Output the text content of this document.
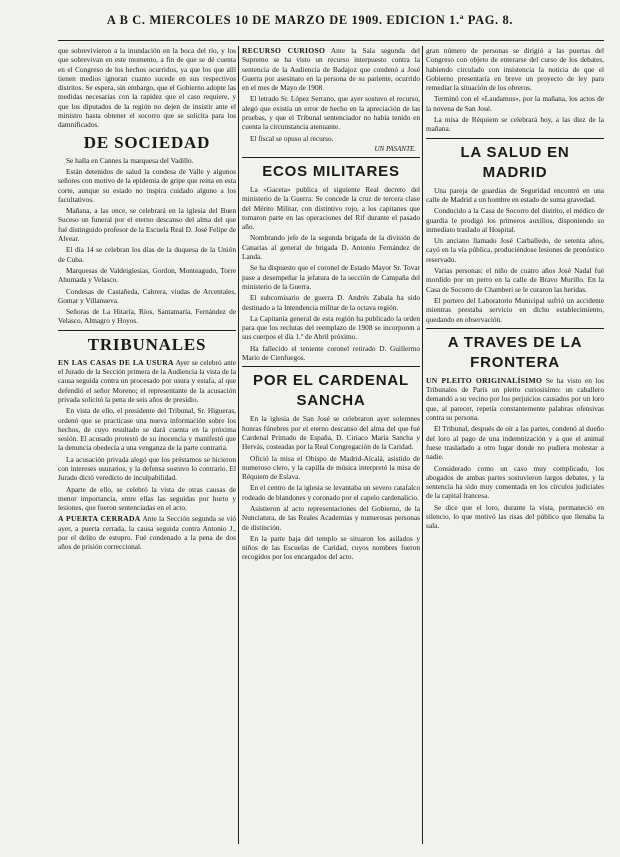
A B C. MIERCOLES 10 DE MARZO DE 1909. EDICION 1.ª PAG. 8.

que sobrevivieron a la inundación en la boca del río, y los que sobrevivan en este momento, a fin de que se dé cuenta en el Congreso de los hechos ocurridos, ya que los que allí tienen medios ignoran cuanto sucede en sus respectivos distritos. Se espera, sin embargo, que el Gobierno adopte las medidas necesarias con la rapidez que el caso requiere, y que los diputados de la región no dejen de insistir ante el ministro hasta obtener el socorro que se solicita para los damnificados.

DE SOCIEDAD

Se halla en Cannes la marquesa del Vadillo.

Están detenidos de salud la condesa de Valle y algunos señores con motivo de la epidemia de gripe que reina en esta corte, aunque su estado no inspira cuidado alguno a los facultativos.

Mañana, a las once, se celebrará en la iglesia del Buen Suceso un funeral por el eterno descanso del alma del que fué distinguido profesor de la Escuela Real D. José Felipe de Alvear.

El día 14 se celebran los días de la duquesa de la Unión de Cuba.

Marquesas de Valdeiglesias, Gordon, Monteagudo, Torre Ahumada y Velasco.

Condesas de Castañeda, Cabrera, viudas de Arcentales, Gomar y Villanueva.

Señoras de La Hitaría, Ríos, Santamaría, Fernández de Velasco, Almagro y Hoyos.

TRIBUNALES

EN LAS CASAS DE LA USURA Ayer se celebró ante el Jurado de la Sección primera de la Audiencia la vista de la causa seguida contra un procesado por usura y estafa, al que defendió el señor Moreno; el representante de la acusación privada solicitó la pena de seis años de presidio.

En vista de ello, el presidente del Tribunal, Sr. Higueras, ordenó que se practicase una nueva información sobre los hechos, de cuyo resultado se dará cuenta en la próxima sesión. El acusado protestó de su inocencia y manifestó que la denuncia obedecía a una venganza de la parte contraria.

La acusación privada alegó que los préstamos se hicieron con intereses usurarios, y la defensa sostuvo lo contrario. El Jurado dictó veredicto de inculpabilidad.

Aparte de ello, se celebró la vista de otras causas de menor importancia, entre ellas las seguidas por hurto y lesiones, que fueron sentenciadas en el acto.

A PUERTA CERRADA Ante la Sección segunda se vió ayer, a puerta cerrada, la causa seguida contra Antonio J., por el delito de estupro. Fué condenado a la pena de dos años de prisión correccional.

RECURSO CURIOSO Ante la Sala segunda del Supremo se ha visto un recurso interpuesto contra la sentencia de la Audiencia de Badajoz que condenó a José Guerra por asesinato en la persona de su pariente, ocurrido en el mes de Mayo de 1908.

El letrado Sr. López Serrano, que ayer sostuvo el recurso, alegó que existía un error de hecho en la apreciación de las pruebas, y que el Tribunal sentenciador no había tenido en cuenta la circunstancia atenuante.

El fiscal se opuso al recurso.

UN PASANTE.
ECOS MILITARES

La «Gaceta» publica el siguiente Real decreto del ministerio de la Guerra: Se concede la cruz de tercera clase del Mérito Militar, con distintivo rojo, a los capitanes que tomaron parte en las operaciones del Rif durante el pasado año.

Nombrando jefe de la segunda brigada de la división de Canarias al general de brigada D. Antonio Fernández de Landa.

Se ha dispuesto que el coronel de Estado Mayor Sr. Tovar pase a desempeñar la jefatura de la sección de Campaña del ministerio de la Guerra.

El subcomisario de guerra D. Andrés Zabala ha sido destinado a la Intendencia militar de la octava región.

La Capitanía general de esta región ha publicado la orden para que los reclutas del reemplazo de 1908 se incorporen a sus cuerpos el día 1.º de Abril próximo.

Ha fallecido el teniente coronel retirado D. Guillermo Mario de Cienfuegos.

POR EL CARDENAL SANCHA

En la iglesia de San José se celebraron ayer solemnes honras fúnebres por el eterno descanso del alma del que fué Cardenal Primado de España, D. Ciriaco María Sancha y Hervás, costeadas por la Real Congregación de la Caridad.

Ofició la misa el Obispo de Madrid-Alcalá, asistido de numeroso clero, y la capilla de música interpretó la misa de Réquiem de Eslava.

En el centro de la iglesia se levantaba un severo catafalco rodeado de blandones y coronado por el capelo cardenalicio.

Asistieron al acto representaciones del Gobierno, de la Nunciatura, de las Reales Academias y numerosas personas de distinción.

En la parte baja del templo se situaron los asilados y niños de las Escuelas de Caridad, cuyos nombres fueron recogidos por los encargados del acto.

gran número de personas se dirigió a las puertas del Congreso con objeto de enterarse del curso de los debates, habiendo circulado con insistencia la noticia de que el Gobierno presentaría en breve un proyecto de ley para remediar la situación de los obreros.

Terminó con el «Laudamus», por la mañana, los actos de la novena de San José.

La misa de Réquiem se celebrará hoy, a las diez de la mañana.

LA SALUD EN MADRID

Una pareja de guardias de Seguridad encontró en una calle de Madrid a un hombre en estado de suma gravedad.

Conducido a la Casa de Socorro del distrito, el médico de guardia le prodigó los primeros auxilios, disponiendo su inmediato traslado al Hospital.

Un anciano llamado José Carballedo, de setenta años, cayó en la vía pública, produciéndose lesiones de pronóstico reservado.

Varias personas: el niño de cuatro años José Nadal fué mordido por un perro en la calle de Bravo Murillo. En la Casa de Socorro de Chamberí se le curaron las heridas.

El portero del Laboratorio Municipal sufrió un accidente mientras prestaba servicio en dicho establecimiento, quedando en observación.

A TRAVES DE LA FRONTERA

UN PLEITO ORIGINALÍSIMO Se ha visto en los Tribunales de París un pleito curiosísimo: un caballero demandó a su vecino por los perjuicios causados por un loro que, al parecer, repetía constantemente palabras ofensivas contra su persona.

El Tribunal, después de oír a las partes, condenó al dueño del loro al pago de una indemnización y a que el animal fuese trasladado a otro lugar donde no pudiera molestar a nadie.

Considerado como un caso muy complicado, los abogados de ambas partes sostuvieron largos debates, y la sentencia ha sido muy comentada en los círculos judiciales de la capital francesa.

Se dice que el loro, durante la vista, permaneció en silencio, lo que motivó las risas del público que llenaba la sala.
